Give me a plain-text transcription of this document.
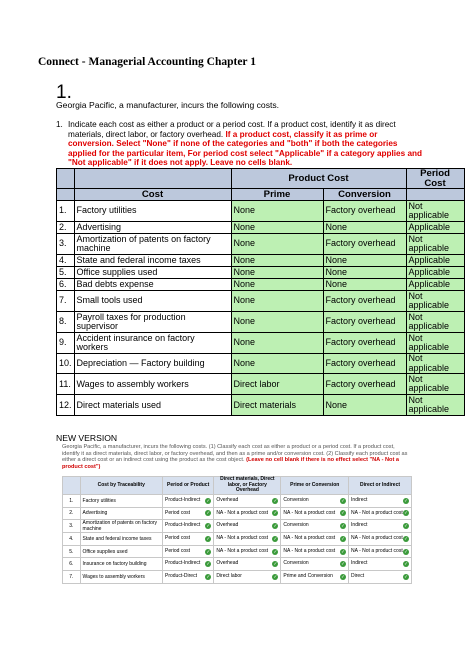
Connect - Managerial Accounting Chapter 1
1.
Georgia Pacific, a manufacturer, incurs the following costs.
1. Indicate each cost as either a product or a period cost. If a product cost, identify it as direct materials, direct labor, or factory overhead. If a product cost, classify it as prime or conversion. Select "None" if none of the categories and "both" if both the categories applied for the particular item, For period cost select "Applicable" if a category applies and "Not applicable" if it does not apply. Leave no cells blank.
		Product Cost		Period Cost
	Cost	Prime	Conversion	
1.	Factory utilities	None	Factory overhead	Not applicable
2.	Advertising	None	None	Applicable
3.	Amortization of patents on factory machine	None	Factory overhead	Not applicable
4.	State and federal income taxes	None	None	Applicable
5.	Office supplies used	None	None	Applicable
6.	Bad debts expense	None	None	Applicable
7.	Small tools used	None	Factory overhead	Not applicable
8.	Payroll taxes for production supervisor	None	Factory overhead	Not applicable
9.	Accident insurance on factory workers	None	Factory overhead	Not applicable
10.	Depreciation — Factory building	None	Factory overhead	Not applicable
11.	Wages to assembly workers	Direct labor	Factory overhead	Not applicable
12.	Direct materials used	Direct materials	None	Not applicable
NEW VERSION
Georgia Pacific, a manufacturer, incurs the following costs. (1) Classify each cost as either a product or a period cost. If a product cost, identify it as direct materials, direct labor, or factory overhead, and then as a prime and/or conversion cost. (2) Classify each product cost as either a direct cost or an indirect cost using the product as the cost object. (Leave no cell blank if there is no effect select "NA - Not a product cost")
	Cost by Traceability	Period or Product	Direct materials, Direct labor, or Factory Overhead	Prime or Conversion	Direct or Indirect
1.	Factory utilities	Product-Indirect ✓	Overhead ✓	Conversion ✓	Indirect ✓

2.	Advertising	Period cost ✓	NA - Not a product cost ✓	NA - Not a product cost ✓	NA - Not a product cost ✓

3.	Amortization of patents on factory machine	Product-Indirect ✓	Overhead ✓	Conversion ✓	Indirect ✓

4.	State and federal income taxes	Period cost ✓	NA - Not a product cost ✓	NA - Not a product cost ✓	NA - Not a product cost ✓

5.	Office supplies used	Period cost ✓	NA - Not a product cost ✓	NA - Not a product cost ✓	NA - Not a product cost ✓

6.	Insurance on factory building	Product-Indirect ✓	Overhead ✓	Conversion ✓	Indirect ✓

7.	Wages to assembly workers	Product-Direct ✓	Direct labor ✓	Prime and Conversion ✓	Direct ✓
